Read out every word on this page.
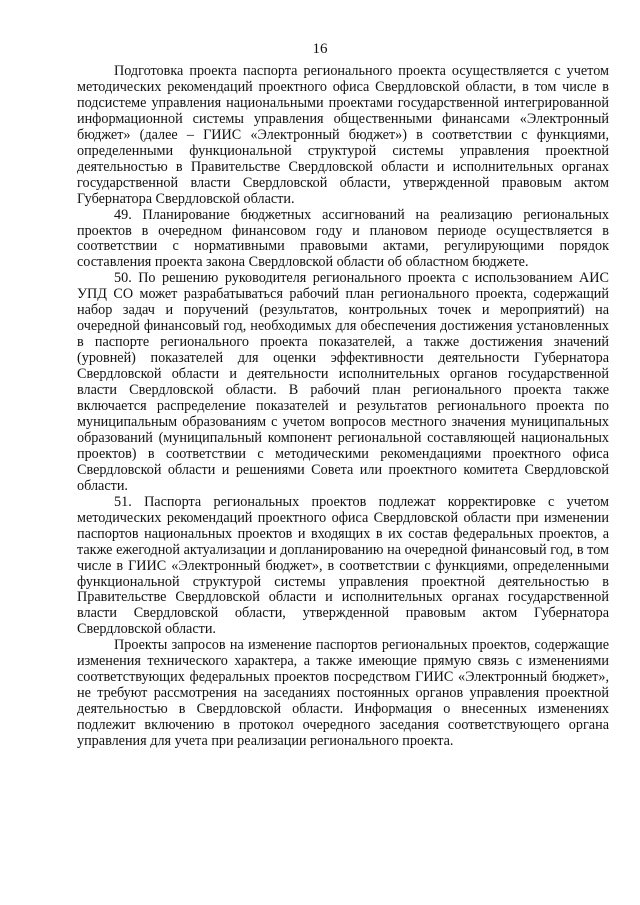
16

Подготовка проекта паспорта регионального проекта осуществляется с учетом методических рекомендаций проектного офиса Свердловской области, в том числе в подсистеме управления национальными проектами государственной интегрированной информационной системы управления общественными финансами «Электронный бюджет» (далее – ГИИС «Электронный бюджет») в соответствии с функциями, определенными функциональной структурой системы управления проектной деятельностью в Правительстве Свердловской области и исполнительных органах государственной власти Свердловской области, утвержденной правовым актом Губернатора Свердловской области.

49. Планирование бюджетных ассигнований на реализацию региональных проектов в очередном финансовом году и плановом периоде осуществляется в соответствии с нормативными правовыми актами, регулирующими порядок составления проекта закона Свердловской области об областном бюджете.

50. По решению руководителя регионального проекта с использованием АИС УПД СО может разрабатываться рабочий план регионального проекта, содержащий набор задач и поручений (результатов, контрольных точек и мероприятий) на очередной финансовый год, необходимых для обеспечения достижения установленных в паспорте регионального проекта показателей, а также достижения значений (уровней) показателей для оценки эффективности деятельности Губернатора Свердловской области и деятельности исполнительных органов государственной власти Свердловской области. В рабочий план регионального проекта также включается распределение показателей и результатов регионального проекта по муниципальным образованиям с учетом вопросов местного значения муниципальных образований (муниципальный компонент региональной составляющей национальных проектов) в соответствии с методическими рекомендациями проектного офиса Свердловской области и решениями Совета или проектного комитета Свердловской области.

51. Паспорта региональных проектов подлежат корректировке с учетом методических рекомендаций проектного офиса Свердловской области при изменении паспортов национальных проектов и входящих в их состав федеральных проектов, а также ежегодной актуализации и допланированию на очередной финансовый год, в том числе в ГИИС «Электронный бюджет», в соответствии с функциями, определенными функциональной структурой системы управления проектной деятельностью в Правительстве Свердловской области и исполнительных органах государственной власти Свердловской области, утвержденной правовым актом Губернатора Свердловской области.

Проекты запросов на изменение паспортов региональных проектов, содержащие изменения технического характера, а также имеющие прямую связь с изменениями соответствующих федеральных проектов посредством ГИИС «Электронный бюджет», не требуют рассмотрения на заседаниях постоянных органов управления проектной деятельностью в Свердловской области. Информация о внесенных изменениях подлежит включению в протокол очередного заседания соответствующего органа управления для учета при реализации регионального проекта.
